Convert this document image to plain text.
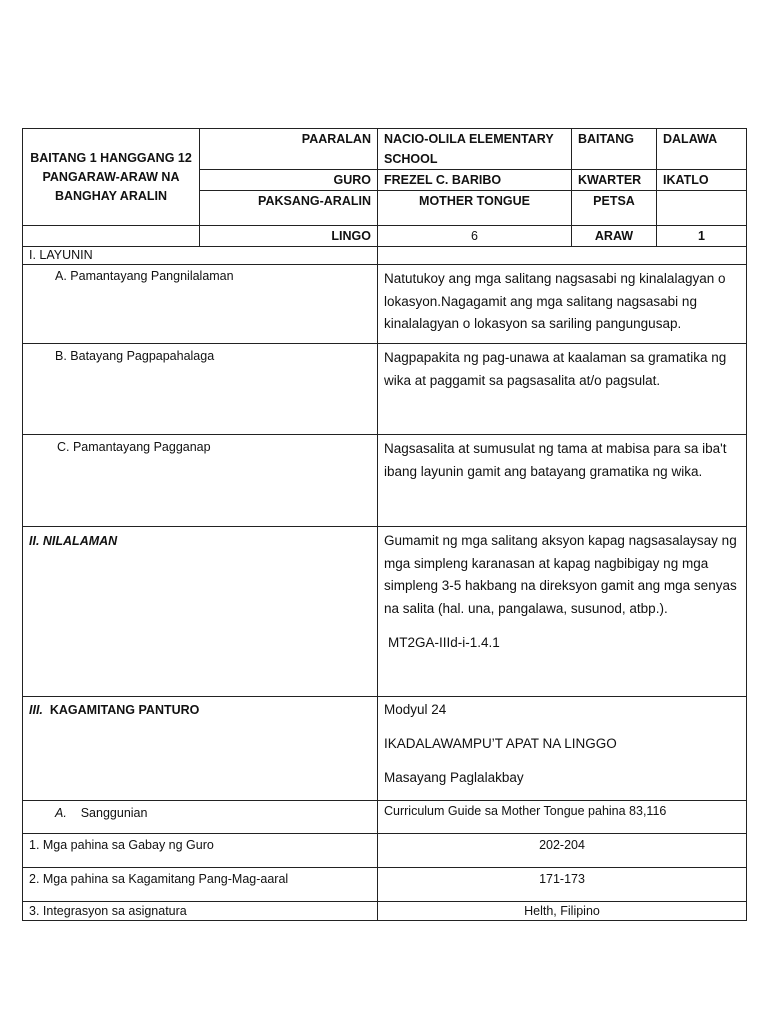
BAITANG 1 HANGGANG 12 PANGARAW-ARAW NA BANGHAY ARALIN	PAARALAN	NACIO-OLILA ELEMENTARY SCHOOL	BAITANG	DALAWA
	GURO	FREZEL C. BARIBO	KWARTER	IKATLO
	PAKSANG-ARALIN	MOTHER TONGUE	PETSA	
	LINGO	6	ARAW	1
I. LAYUNIN	
A. Pamantayang Pangnilalaman	Natutukoy ang mga salitang nagsasabi ng kinalalagyan o lokasyon.Nagagamit ang mga salitang nagsasabi ng kinalalagyan o lokasyon sa sariling pangungusap.
B. Batayang Pagpapahalaga	Nagpapakita ng pag-unawa at kaalaman sa gramatika ng wika at paggamit sa pagsasalita at/o pagsulat.
C. Pamantayang Pagganap	Nagsasalita at sumusulat ng tama at mabisa para sa iba't ibang layunin gamit ang batayang gramatika ng wika.
II. NILALAMAN	Gumamit ng mga salitang aksyon kapag nagsasalaysay ng mga simpleng karanasan at kapag nagbibigay ng mga simpleng 3-5 hakbang na direksyon gamit ang mga senyas na salita (hal. una, pangalawa, susunod, atbp.).
MT2GA-IIId-i-1.4.1

III. KAGAMITANG PANTURO	Modyul 24
IKADALAWAMPU’T APAT NA LINGGO
Masayang Paglalakbay

A. Sanggunian	Curriculum Guide sa Mother Tongue pahina 83,116
1. Mga pahina sa Gabay ng Guro	202-204
2. Mga pahina sa Kagamitang Pang-Mag-aaral	171-173
3. Integrasyon sa asignatura	Helth, Filipino
